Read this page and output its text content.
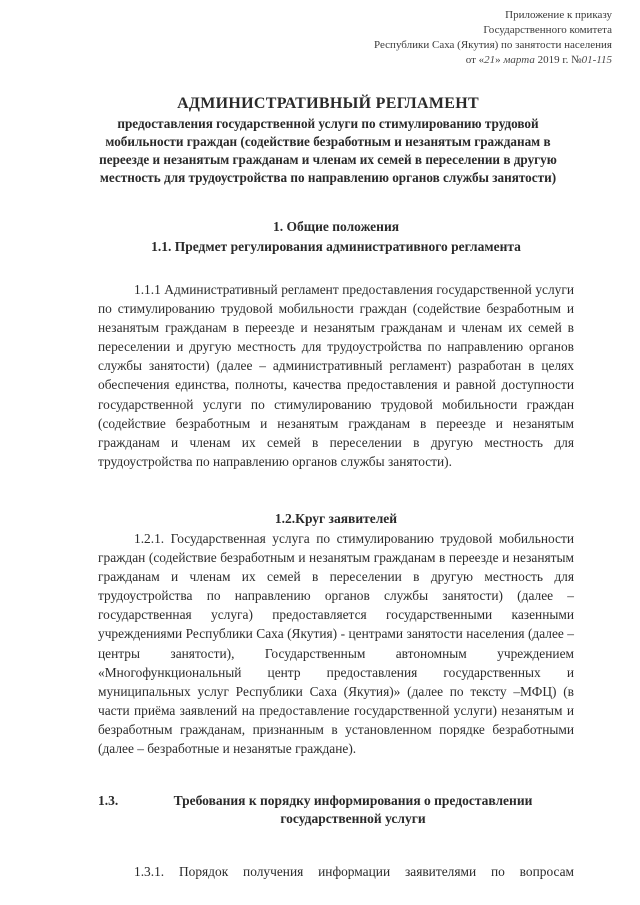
Приложение к приказу
Государственного комитета
Республики Саха (Якутия) по занятости населения
от «21» марта 2019 г. №01-115
АДМИНИСТРАТИВНЫЙ РЕГЛАМЕНТ
предоставления государственной услуги по стимулированию трудовой мобильности граждан (содействие безработным и незанятым гражданам в переезде и незанятым гражданам и членам их семей в переселении в другую местность для трудоустройства по направлению органов службы занятости)
1. Общие положения
1.1. Предмет регулирования административного регламента
1.1.1 Административный регламент предоставления государственной услуги по стимулированию трудовой мобильности граждан (содействие безработным и незанятым гражданам в переезде и незанятым гражданам и членам их семей в переселении и другую местность для трудоустройства по направлению органов службы занятости) (далее – административный регламент) разработан в целях обеспечения единства, полноты, качества предоставления и равной доступности государственной услуги по стимулированию трудовой мобильности граждан (содействие безработным и незанятым гражданам в переезде и незанятым гражданам и членам их семей в переселении в другую местность для трудоустройства по направлению органов службы занятости).
1.2.Круг заявителей
1.2.1. Государственная услуга по стимулированию трудовой мобильности граждан (содействие безработным и незанятым гражданам в переезде и незанятым гражданам и членам их семей в переселении в другую местность для трудоустройства по направлению органов службы занятости) (далее – государственная услуга) предоставляется государственными казенными учреждениями Республики Саха (Якутия) - центрами занятости населения (далее – центры занятости), Государственным автономным учреждением «Многофункциональный центр предоставления государственных и муниципальных услуг Республики Саха (Якутия)» (далее по тексту –МФЦ) (в части приёма заявлений на предоставление государственной услуги) незанятым и безработным гражданам, признанным в установленном порядке безработными (далее – безработные и незанятые граждане).
1.3.	Требования к порядку информирования о предоставлении государственной услуги
1.3.1. Порядок получения информации заявителями по вопросам
